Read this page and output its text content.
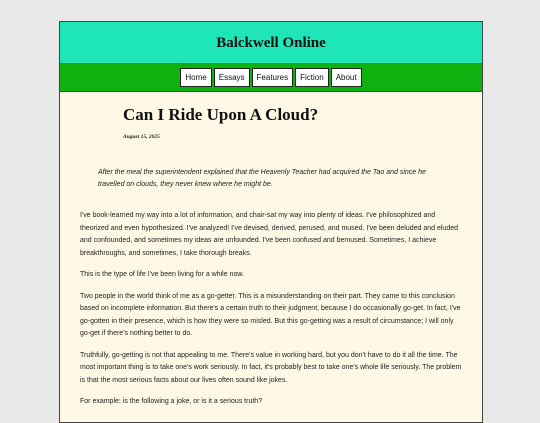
Balckwell Online
Home	Essays	Features	Fiction	About
Can I Ride Upon A Cloud?
August 15, 2025

After the meal the superintendent explained that the Heavenly Teacher had acquired the Tao and since he travelled on clouds, they never knew where he might be.

I've book-learned my way into a lot of information, and chair-sat my way into plenty of ideas. I've philosophized and theorized and even hypothesized. I've analyzed! I've devised, derived, perused, and mused. I've been deluded and eluded and confounded, and sometimes my ideas are unfounded. I've been confused and bemused. Sometimes, I achieve breakthroughs, and sometimes, I take thorough breaks.

This is the type of life I've been living for a while now.

Two people in the world think of me as a go-getter. This is a misunderstanding on their part. They came to this conclusion based on incomplete information. But there's a certain truth to their judgment, because I do occasionally go-get. In fact, I've go-gotten in their presence, which is how they were so misled. But this go-getting was a result of circumstance; I will only go-get if there's nothing better to do.

Truthfully, go-getting is not that appealing to me. There's value in working hard, but you don't have to do it all the time. The most important thing is to take one's work seriously. In fact, it's probably best to take one's whole life seriously. The problem is that the most serious facts about our lives often sound like jokes.

For example: is the following a joke, or is it a serious truth?
